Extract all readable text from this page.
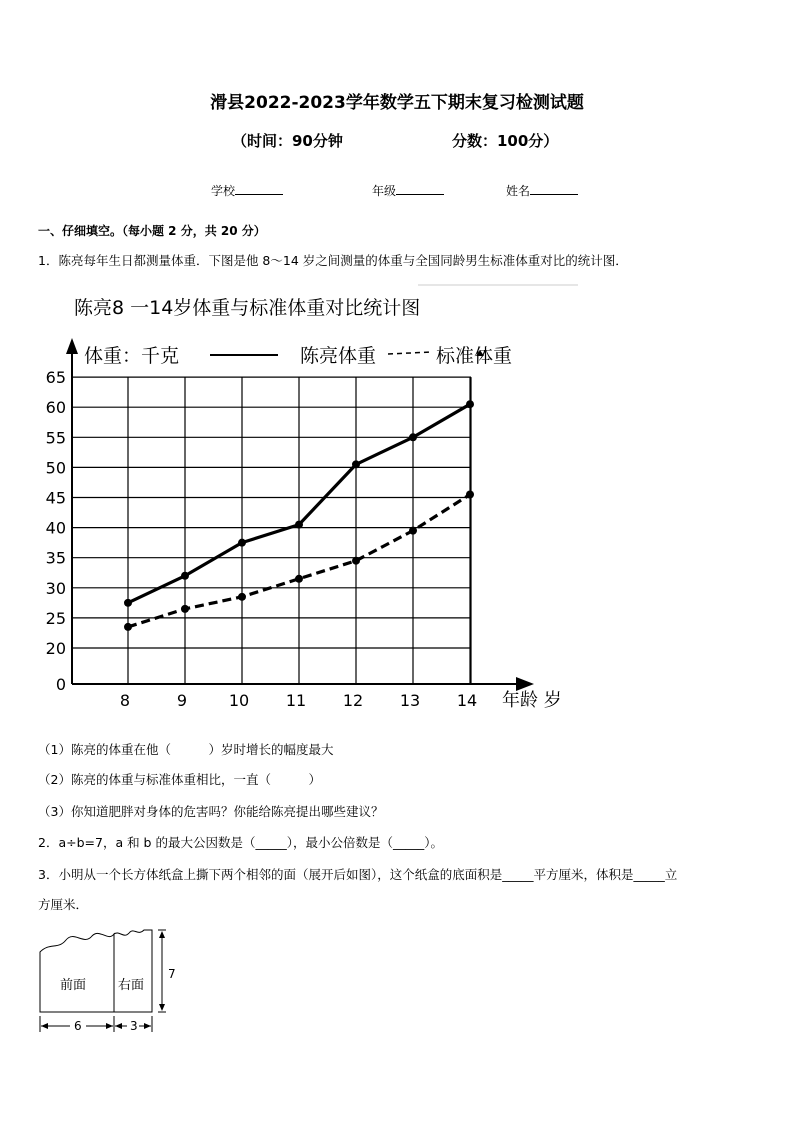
滑县2022-2023学年数学五下期末复习检测试题
（时间：90分钟	分数：100分）
学校	年级	姓名
一、仔细填空。（每小题 2 分，共 20 分）
1．陈亮每年生日都测量体重．下图是他 8～14 岁之间测量的体重与全国同龄男生标准体重对比的统计图．
陈亮8 一14岁体重与标准体重对比统计图
0
20
25
30
35
40
45
50
55
60
65
8	9	10 11 12 13 14 年龄 岁
体重：千克	陈亮体重	标准体重
（1）陈亮的体重在他（　　　）岁时增长的幅度最大
（2）陈亮的体重与标准体重相比，一直（　　　）
（3）你知道肥胖对身体的危害吗？你能给陈亮提出哪些建议？
2．a÷b=7，a 和 b 的最大公因数是（_____），最小公倍数是（_____）。
3．小明从一个长方体纸盒上撕下两个相邻的面（展开后如图），这个纸盒的底面积是_____平方厘米，体积是_____立
方厘米．
前面 右面
7
6	3
